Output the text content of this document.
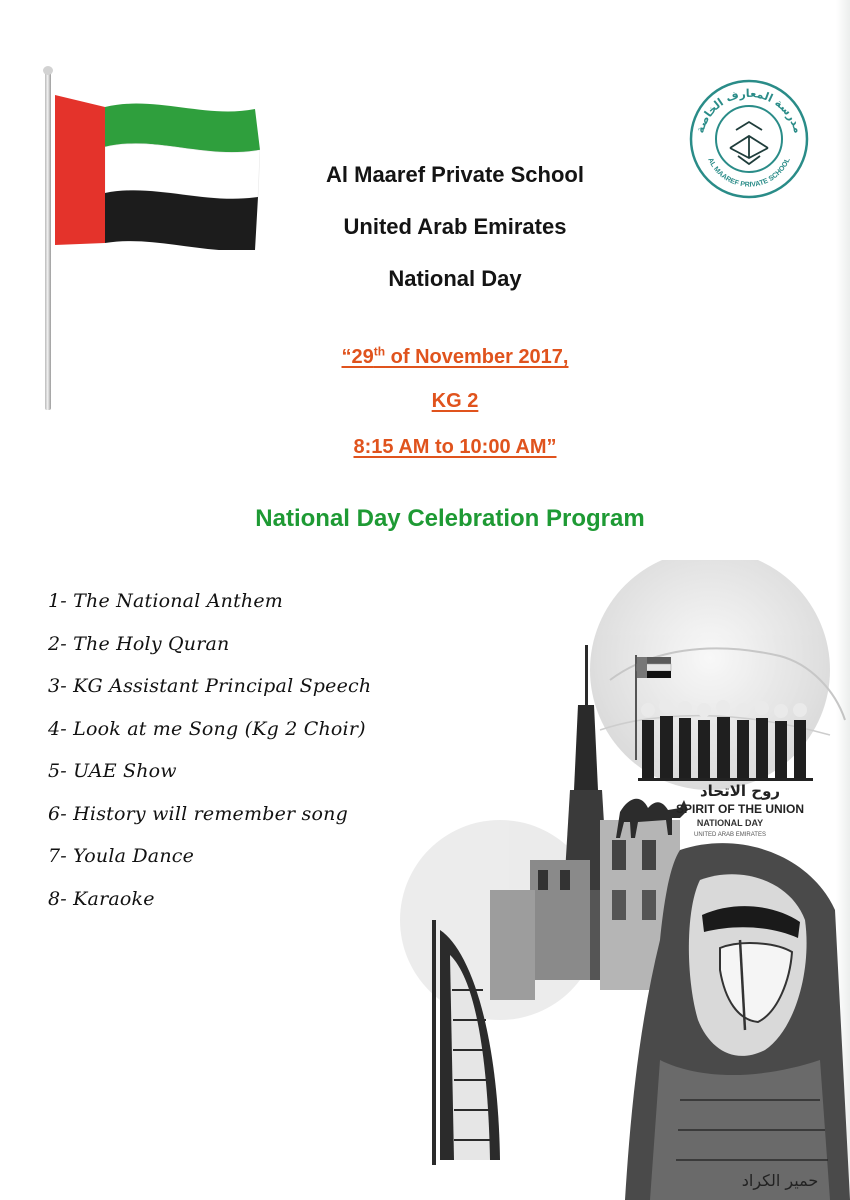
مدرسة المعارف الخاصة
AL MAAREF PRIVATE SCHOOL
Al Maaref Private School
United Arab Emirates
National Day
“29th of November 2017,
KG 2
8:15 AM to 10:00 AM”
National Day Celebration Program
1- The National Anthem
2- The Holy Quran
3- KG Assistant Principal Speech
4- Look at me Song (Kg 2 Choir)
5- UAE Show
6- History will remember song
7- Youla Dance
8- Karaoke
روح الاتحاد
SPIRIT OF THE UNION
NATIONAL DAY
UNITED ARAB EMIRATES
حمير الكراد
